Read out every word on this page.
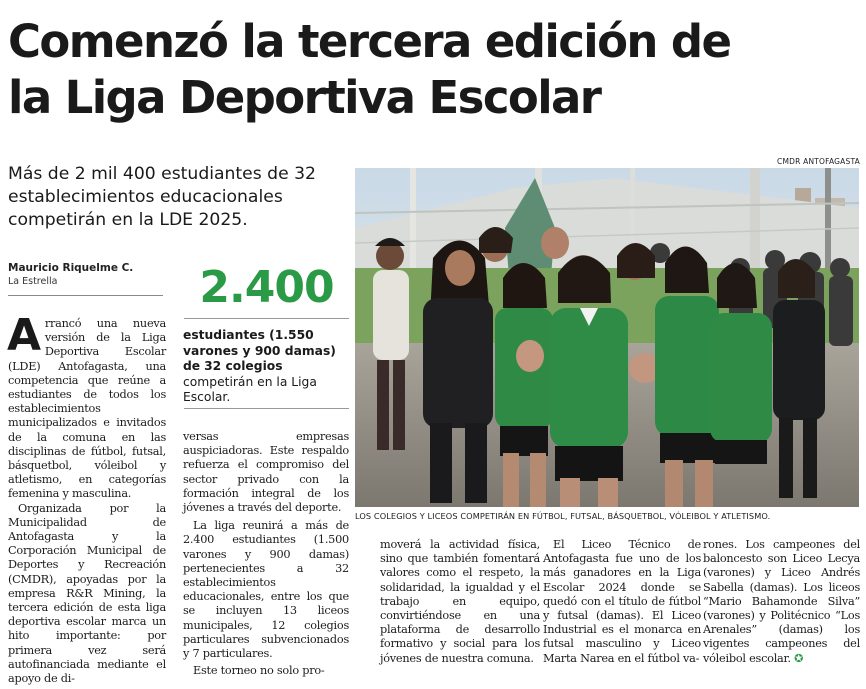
Comenzó la tercera edición de
la Liga Deportiva Escolar

Más de 2 mil 400 estudiantes de 32 establecimientos educacionales competirán en la LDE 2025.

CMDR ANTOFAGASTA
Mauricio Riquelme C.
La Estrella	2.400

estudiantes (1.550 varones y 900 damas) de 32 colegios competirán en la Liga Escolar.

Arrancó una nueva versión de la Liga Deportiva Escolar (LDE) Antofagasta, una competencia que reúne a estudiantes de todos los establecimientos municipalizados e invitados de la comuna en las disciplinas de fútbol, futsal, básquetbol, vóleibol y atletismo, en categorías femenina y masculina.

Organizada por la Municipalidad de Antofagasta y la Corporación Municipal de Deportes y Recreación (CMDR), apoyadas por la empresa R&R Mining, la tercera edición de esta liga deportiva escolar marca un hito importante: por primera vez será autofinanciada mediante el apoyo de di-

versas empresas auspiciadoras. Este respaldo refuerza el compromiso del sector privado con la formación integral de los jóvenes a través del deporte.

La liga reunirá a más de 2.400 estudiantes (1.500 varones y 900 damas) pertenecientes a 32 establecimientos educacionales, entre los que se incluyen 13 liceos municipales, 12 colegios particulares subvencionados y 7 particulares.

Este torneo no solo pro-

LOS COLEGIOS Y LICEOS COMPETIRÁN EN FÚTBOL, FUTSAL, BÁSQUETBOL, VÓLEIBOL Y ATLETISMO.

moverá la actividad física, sino que también fomentará valores como el respeto, la solidaridad, la igualdad y el trabajo en equipo, convirtiéndose en una plataforma de desarrollo formativo y social para los jóvenes de nuestra comuna.

El Liceo Técnico de Antofagasta fue uno de los más ganadores en la Liga Escolar 2024 donde se quedó con el título de fútbol y futsal (damas). El Liceo Industrial es el monarca en futsal masculino y Liceo Marta Narea en el fútbol va-

rones. Los campeones del baloncesto son Liceo Lecya (varones) y Liceo Andrés Sabella (damas). Los liceos “Mario Bahamonde Silva” (varones) y Politécnico “Los Arenales” (damas) los vigentes campeones del vóleibol escolar. ✪
